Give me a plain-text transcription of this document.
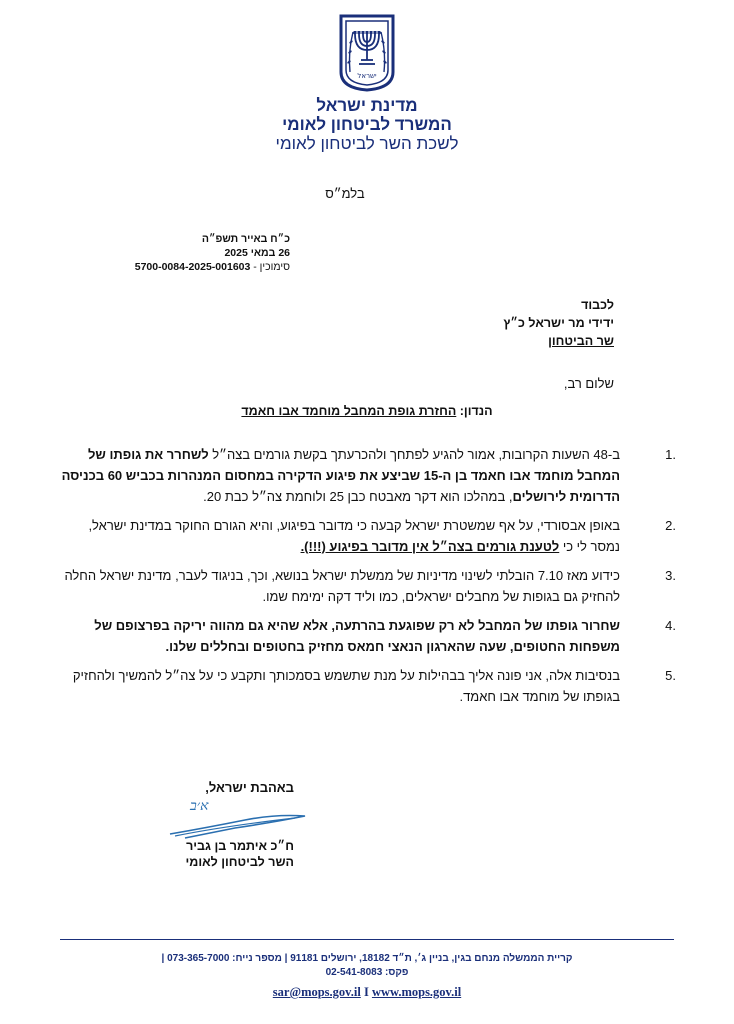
ישראל
מדינת ישראל
המשרד לביטחון לאומי
לשכת השר לביטחון לאומי
בלמ״ס
כ״ח באייר תשפ״ה
26 במאי 2025
סימוכין - 5700-0084-2025-001603
לכבוד
ידידי מר ישראל כ״ץ
שר הביטחון
שלום רב,
הנדון: החזרת גופת המחבל מוחמד אבו חאמד
1.
ב-48 השעות הקרובות, אמור להגיע לפתחך ולהכרעתך בקשת גורמים בצה״ל לשחרר את גופתו של המחבל מוחמד אבו חאמד בן ה-15 שביצע את פיגוע הדקירה במחסום המנהרות בכביש 60 בכניסה הדרומית לירושלים, במהלכו הוא דקר מאבטח כבן 25 ולוחמת צה״ל כבת 20.
2.
באופן אבסורדי, על אף שמשטרת ישראל קבעה כי מדובר בפיגוע, והיא הגורם החוקר במדינת ישראל, נמסר לי כי לטענת גורמים בצה״ל אין מדובר בפיגוע (!!!).
3.
כידוע מאז 7.10 הובלתי לשינוי מדיניות של ממשלת ישראל בנושא, וכך, בניגוד לעבר, מדינת ישראל החלה להחזיק גם בגופות של מחבלים ישראלים, כמו וליד דקה ימימח שמו.
4.
שחרור גופתו של המחבל לא רק שפוגעת בהרתעה, אלא שהיא גם מהווה יריקה בפרצופם של משפחות החטופים, שעה שהארגון הנאצי חמאס מחזיק בחטופים ובחללים שלנו.
5.
בנסיבות אלה, אני פונה אליך בבהילות על מנת שתשמש בסמכותך ותקבע כי על צה״ל להמשיך ולהחזיק בגופתו של מוחמד אבו חאמד.
באהבת ישראל,
א׳ב
ח״כ איתמר בן גביר
השר לביטחון לאומי
קריית הממשלה מנחם בגין, בניין ג׳, ת״ד 18182, ירושלים 91181 | מספר נייח: 073-365-7000 |
פקס: 02-541-8083
sar@mops.gov.il I www.mops.gov.il
